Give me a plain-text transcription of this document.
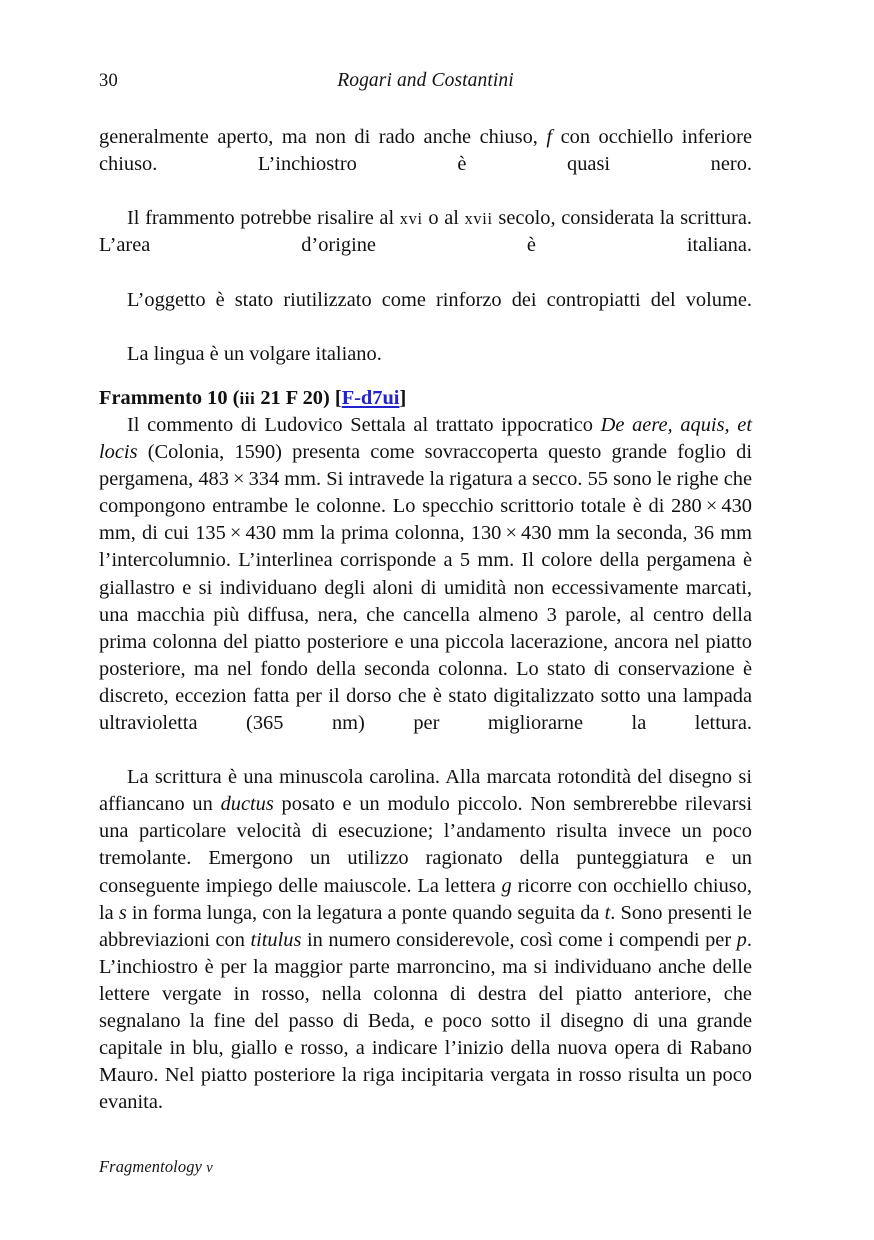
30	Rogari and Costantini

generalmente aperto, ma non di rado anche chiuso, f con occhiello inferiore chiuso. L’inchiostro è quasi nero.

Il frammento potrebbe risalire al xvi o al xvii secolo, considerata la scrittura. L’area d’origine è italiana.

L’oggetto è stato riutilizzato come rinforzo dei contropiatti del volume.

La lingua è un volgare italiano.

Frammento 10 (iii 21 F 20) [F-d7ui]

Il commento di Ludovico Settala al trattato ippocratico De aere, aquis, et locis (Colonia, 1590) presenta come sovraccoperta questo grande foglio di pergamena, 483 × 334 mm. Si intravede la rigatura a secco. 55 sono le righe che compongono entrambe le colonne. Lo specchio scrittorio totale è di 280 × 430 mm, di cui 135 × 430 mm la prima colonna, 130 × 430 mm la seconda, 36 mm l’intercolumnio. L’interlinea corrisponde a 5 mm. Il colore della pergamena è giallastro e si individuano degli aloni di umidità non eccessivamente marcati, una macchia più diffusa, nera, che cancella almeno 3 parole, al centro della prima colonna del piatto posteriore e una piccola lacerazione, ancora nel piatto posteriore, ma nel fondo della seconda colonna. Lo stato di conservazione è discreto, eccezion fatta per il dorso che è stato digitalizzato sotto una lampada ultravioletta (365 nm) per migliorarne la lettura.

La scrittura è una minuscola carolina. Alla marcata rotondità del disegno si affiancano un ductus posato e un modulo piccolo. Non sembrerebbe rilevarsi una particolare velocità di esecuzione; l’andamento risulta invece un poco tremolante. Emergono un utilizzo ragionato della punteggiatura e un conseguente impiego delle maiuscole. La lettera g ricorre con occhiello chiuso, la s in forma lunga, con la legatura a ponte quando seguita da t. Sono presenti le abbreviazioni con titulus in numero considerevole, così come i compendi per p. L’inchiostro è per la maggior parte marroncino, ma si individuano anche delle lettere vergate in rosso, nella colonna di destra del piatto anteriore, che segnalano la fine del passo di Beda, e poco sotto il disegno di una grande capitale in blu, giallo e rosso, a indicare l’inizio della nuova opera di Rabano Mauro. Nel piatto posteriore la riga incipitaria vergata in rosso risulta un poco evanita.

Fragmentology v
